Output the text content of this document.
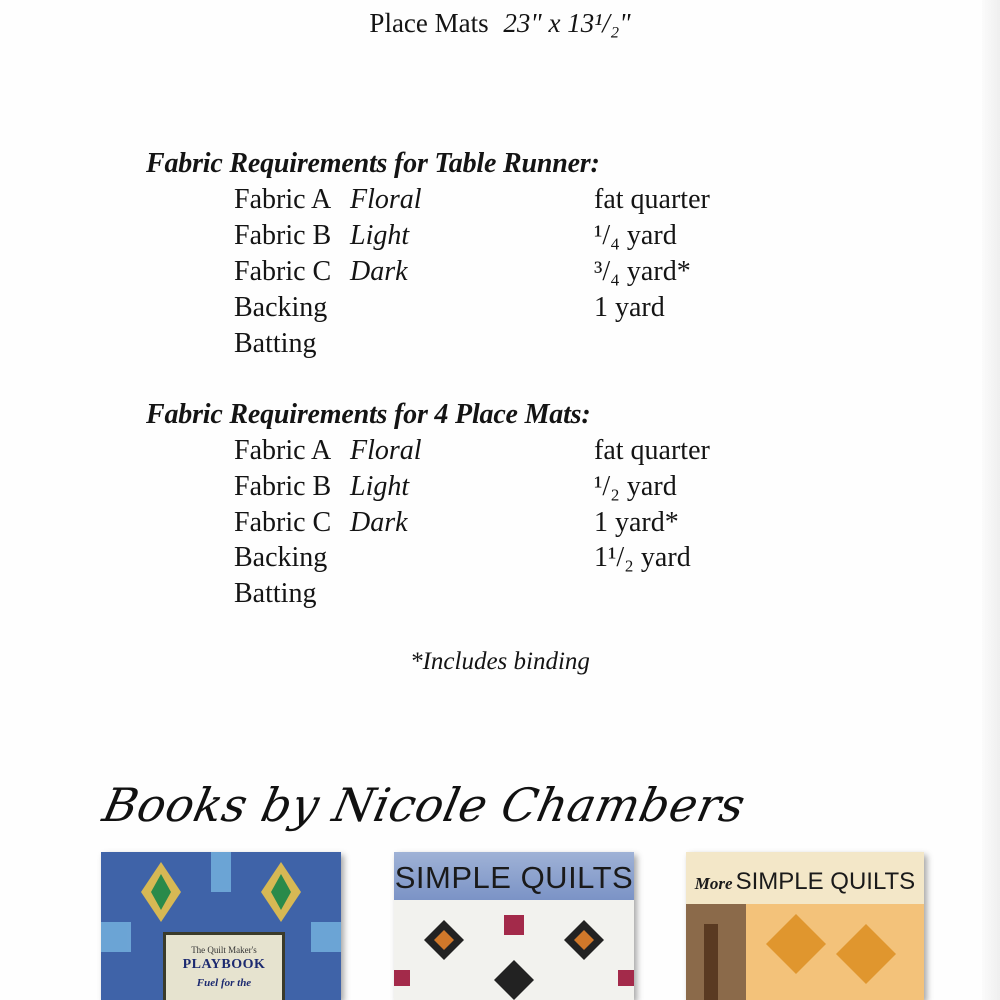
Place Mats 23" x 13¹/₂"
Fabric Requirements for Table Runner:
Fabric A Floral	fat quarter
Fabric B Light	¹/₄ yard
Fabric C Dark	³/₄ yard*
Backing	1 yard
Batting
Fabric Requirements for 4 Place Mats:
Fabric A Floral	fat quarter
Fabric B Light	¹/₂ yard
Fabric C Dark	1 yard*
Backing	1¹/₂ yard
Batting
*Includes binding
Books by Nicole Chambers
The Quilt Maker's
PLAYBOOK
Fuel for the
SIMPLE QUILTS	More SIMPLE QUILTS
